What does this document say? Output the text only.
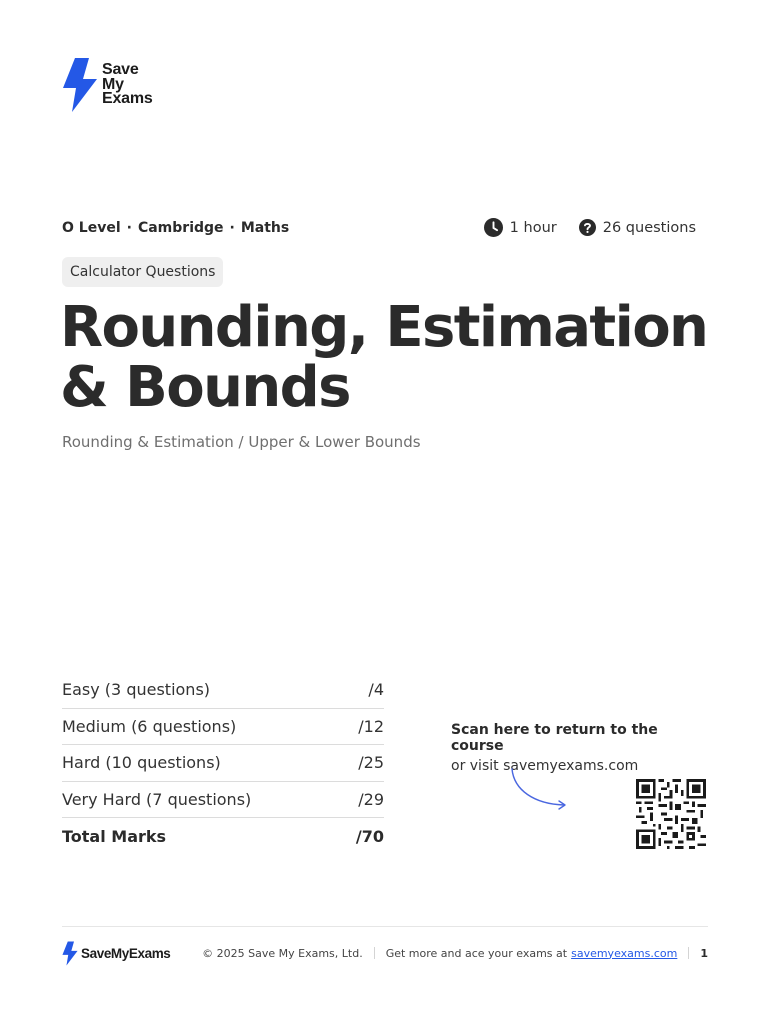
Save
My
Exams
O Level · Cambridge · Maths	1 hour	26 questions
Calculator Questions
Rounding, Estimation & Bounds
Rounding & Estimation / Upper & Lower Bounds
Easy (3 questions)	/4
Medium (6 questions)	/12
Hard (10 questions)	/25
Very Hard (7 questions)	/29
Total Marks	/70
Scan here to return to the course
or visit savemyexams.com
SaveMyExams	© 2025 Save My Exams, Ltd. Get more and ace your exams at savemyexams.com 1
